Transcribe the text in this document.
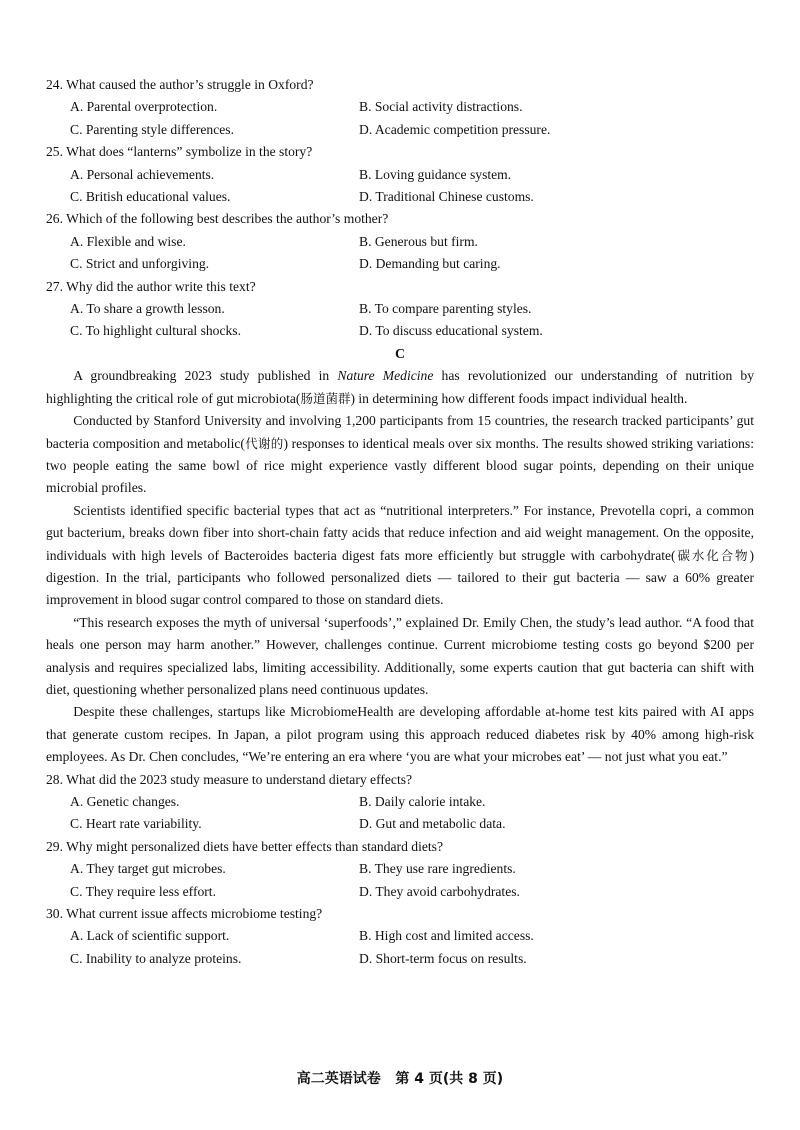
24. What caused the author’s struggle in Oxford?
A. Parental overprotection.	B. Social activity distractions.
C. Parenting style differences.	D. Academic competition pressure.
25. What does “lanterns” symbolize in the story?
A. Personal achievements.	B. Loving guidance system.
C. British educational values.	D. Traditional Chinese customs.
26. Which of the following best describes the author’s mother?
A. Flexible and wise.	B. Generous but firm.
C. Strict and unforgiving.	D. Demanding but caring.
27. Why did the author write this text?
A. To share a growth lesson.	B. To compare parenting styles.
C. To highlight cultural shocks.	D. To discuss educational system.
C

A groundbreaking 2023 study published in Nature Medicine has revolutionized our understanding of nutrition by highlighting the critical role of gut microbiota(肠道菌群) in determining how different foods impact individual health.

Conducted by Stanford University and involving 1,200 participants from 15 countries, the research tracked participants’ gut bacteria composition and metabolic(代谢的) responses to identical meals over six months. The results showed striking variations: two people eating the same bowl of rice might experience vastly different blood sugar points, depending on their unique microbial profiles.

Scientists identified specific bacterial types that act as “nutritional interpreters.” For instance, Prevotella copri, a common gut bacterium, breaks down fiber into short-chain fatty acids that reduce infection and aid weight management. On the opposite, individuals with high levels of Bacteroides bacteria digest fats more efficiently but struggle with carbohydrate(碳水化合物) digestion. In the trial, participants who followed personalized diets — tailored to their gut bacteria — saw a 60% greater improvement in blood sugar control compared to those on standard diets.

“This research exposes the myth of universal ‘superfoods’,” explained Dr. Emily Chen, the study’s lead author. “A food that heals one person may harm another.” However, challenges continue. Current microbiome testing costs go beyond $200 per analysis and requires specialized labs, limiting accessibility. Additionally, some experts caution that gut bacteria can shift with diet, questioning whether personalized plans need continuous updates.

Despite these challenges, startups like MicrobiomeHealth are developing affordable at-home test kits paired with AI apps that generate custom recipes. In Japan, a pilot program using this approach reduced diabetes risk by 40% among high-risk employees. As Dr. Chen concludes, “We’re entering an era where ‘you are what your microbes eat’ — not just what you eat.”

28. What did the 2023 study measure to understand dietary effects?
A. Genetic changes.	B. Daily calorie intake.
C. Heart rate variability.	D. Gut and metabolic data.
29. Why might personalized diets have better effects than standard diets?
A. They target gut microbes.	B. They use rare ingredients.
C. They require less effort.	D. They avoid carbohydrates.
30. What current issue affects microbiome testing?
A. Lack of scientific support.	B. High cost and limited access.
C. Inability to analyze proteins.	D. Short-term focus on results.
高二英语试卷 第 4 页(共 8 页)
